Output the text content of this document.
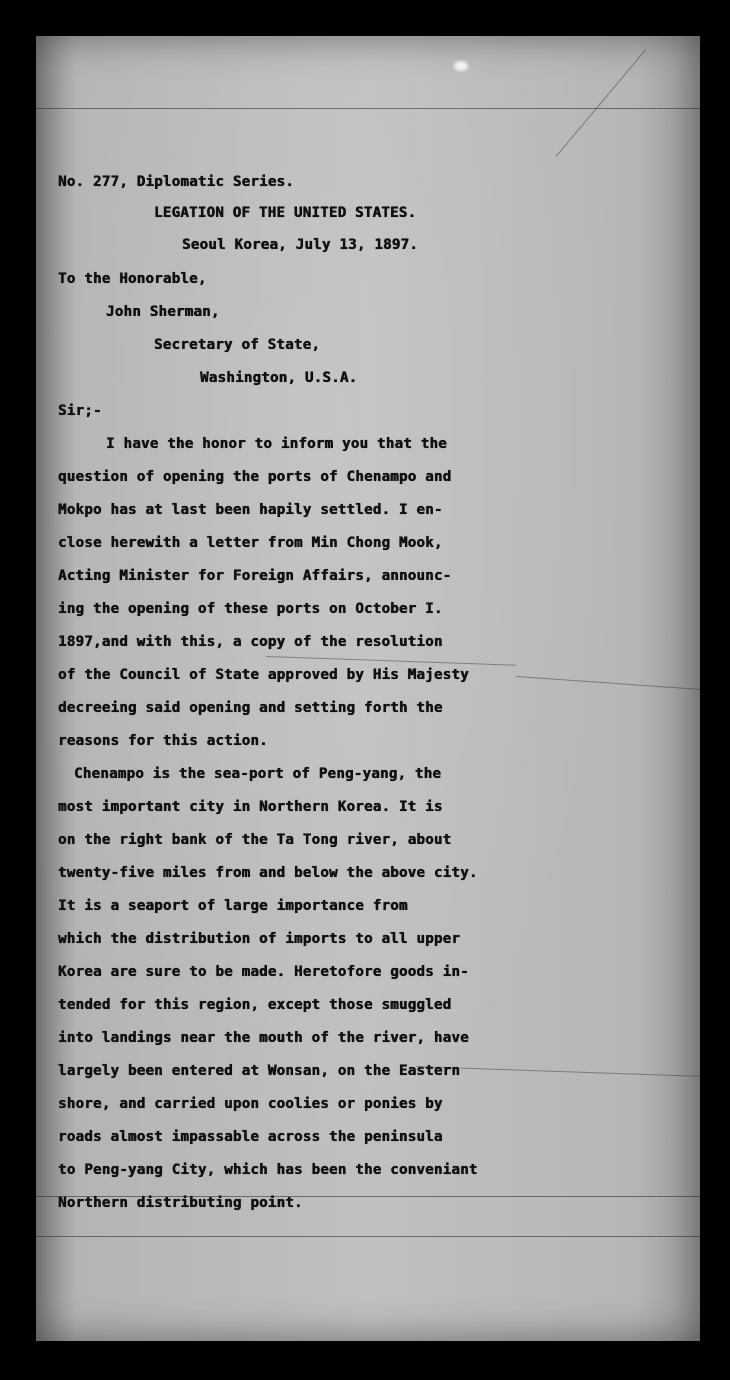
No. 277, Diplomatic Series.

LEGATION OF THE UNITED STATES.

Seoul Korea, July 13, 1897.

To the Honorable,

John Sherman,

Secretary of State,

Washington, U.S.A.

Sir;-

I have the honor to inform you that the

question of opening the ports of Chenampo and

Mokpo has at last been hapily settled. I en-

close herewith a letter from Min Chong Mook,

Acting Minister for Foreign Affairs, announc-

ing the opening of these ports on October I.

1897,and with this, a copy of the resolution

of the Council of State approved by His Majesty

decreeing said opening and setting forth the

reasons for this action.

Chenampo is the sea-port of Peng-yang, the

most important city in Northern Korea. It is

on the right bank of the Ta Tong river, about

twenty-five miles from and below the above city.

It is a seaport of large importance from

which the distribution of imports to all upper

Korea are sure to be made. Heretofore goods in-

tended for this region, except those smuggled

into landings near the mouth of the river, have

largely been entered at Wonsan, on the Eastern

shore, and carried upon coolies or ponies by

roads almost impassable across the peninsula

to Peng-yang City, which has been the conveniant

Northern distributing point.
